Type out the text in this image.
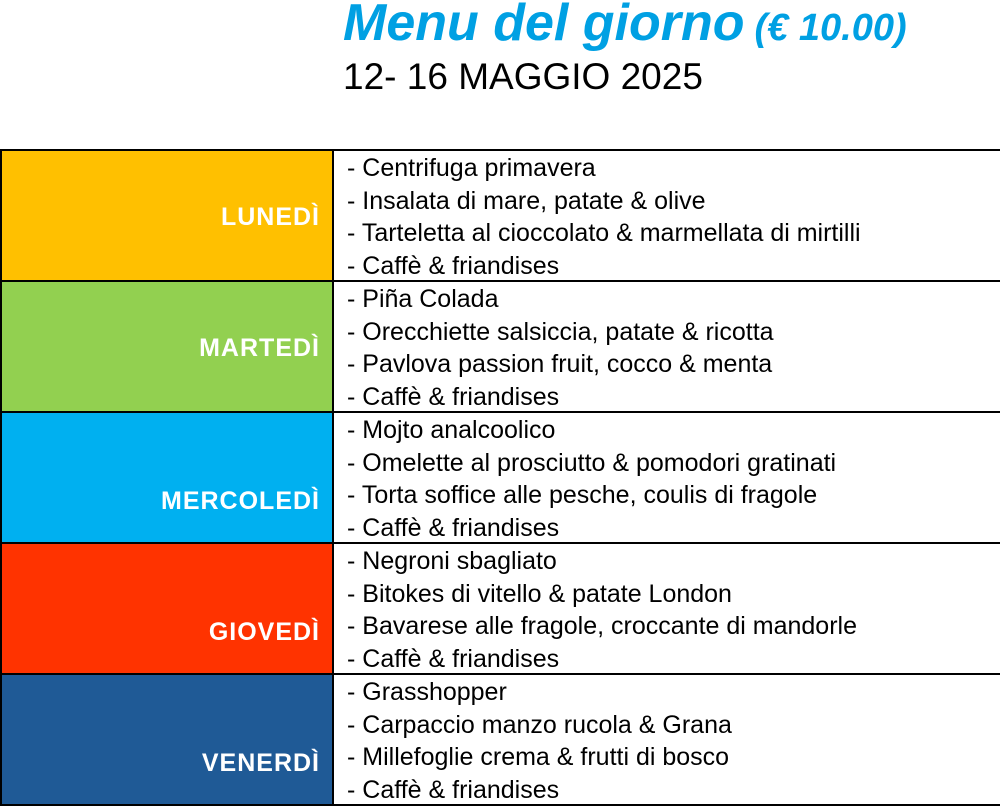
Menu del giorno (€ 10.00)
12- 16 MAGGIO 2025
LUNEDÌ
- Centrifuga primavera
- Insalata di mare, patate & olive
- Tarteletta al cioccolato & marmellata di mirtilli
- Caffè & friandises
MARTEDÌ
- Piña Colada
- Orecchiette salsiccia, patate & ricotta
- Pavlova passion fruit, cocco & menta
- Caffè & friandises
MERCOLEDÌ
- Mojto analcoolico
- Omelette al prosciutto & pomodori gratinati
- Torta soffice alle pesche, coulis di fragole
- Caffè & friandises
GIOVEDÌ
- Negroni sbagliato
- Bitokes di vitello & patate London
- Bavarese alle fragole, croccante di mandorle
- Caffè & friandises
VENERDÌ
- Grasshopper
- Carpaccio manzo rucola & Grana
- Millefoglie crema & frutti di bosco
- Caffè & friandises
